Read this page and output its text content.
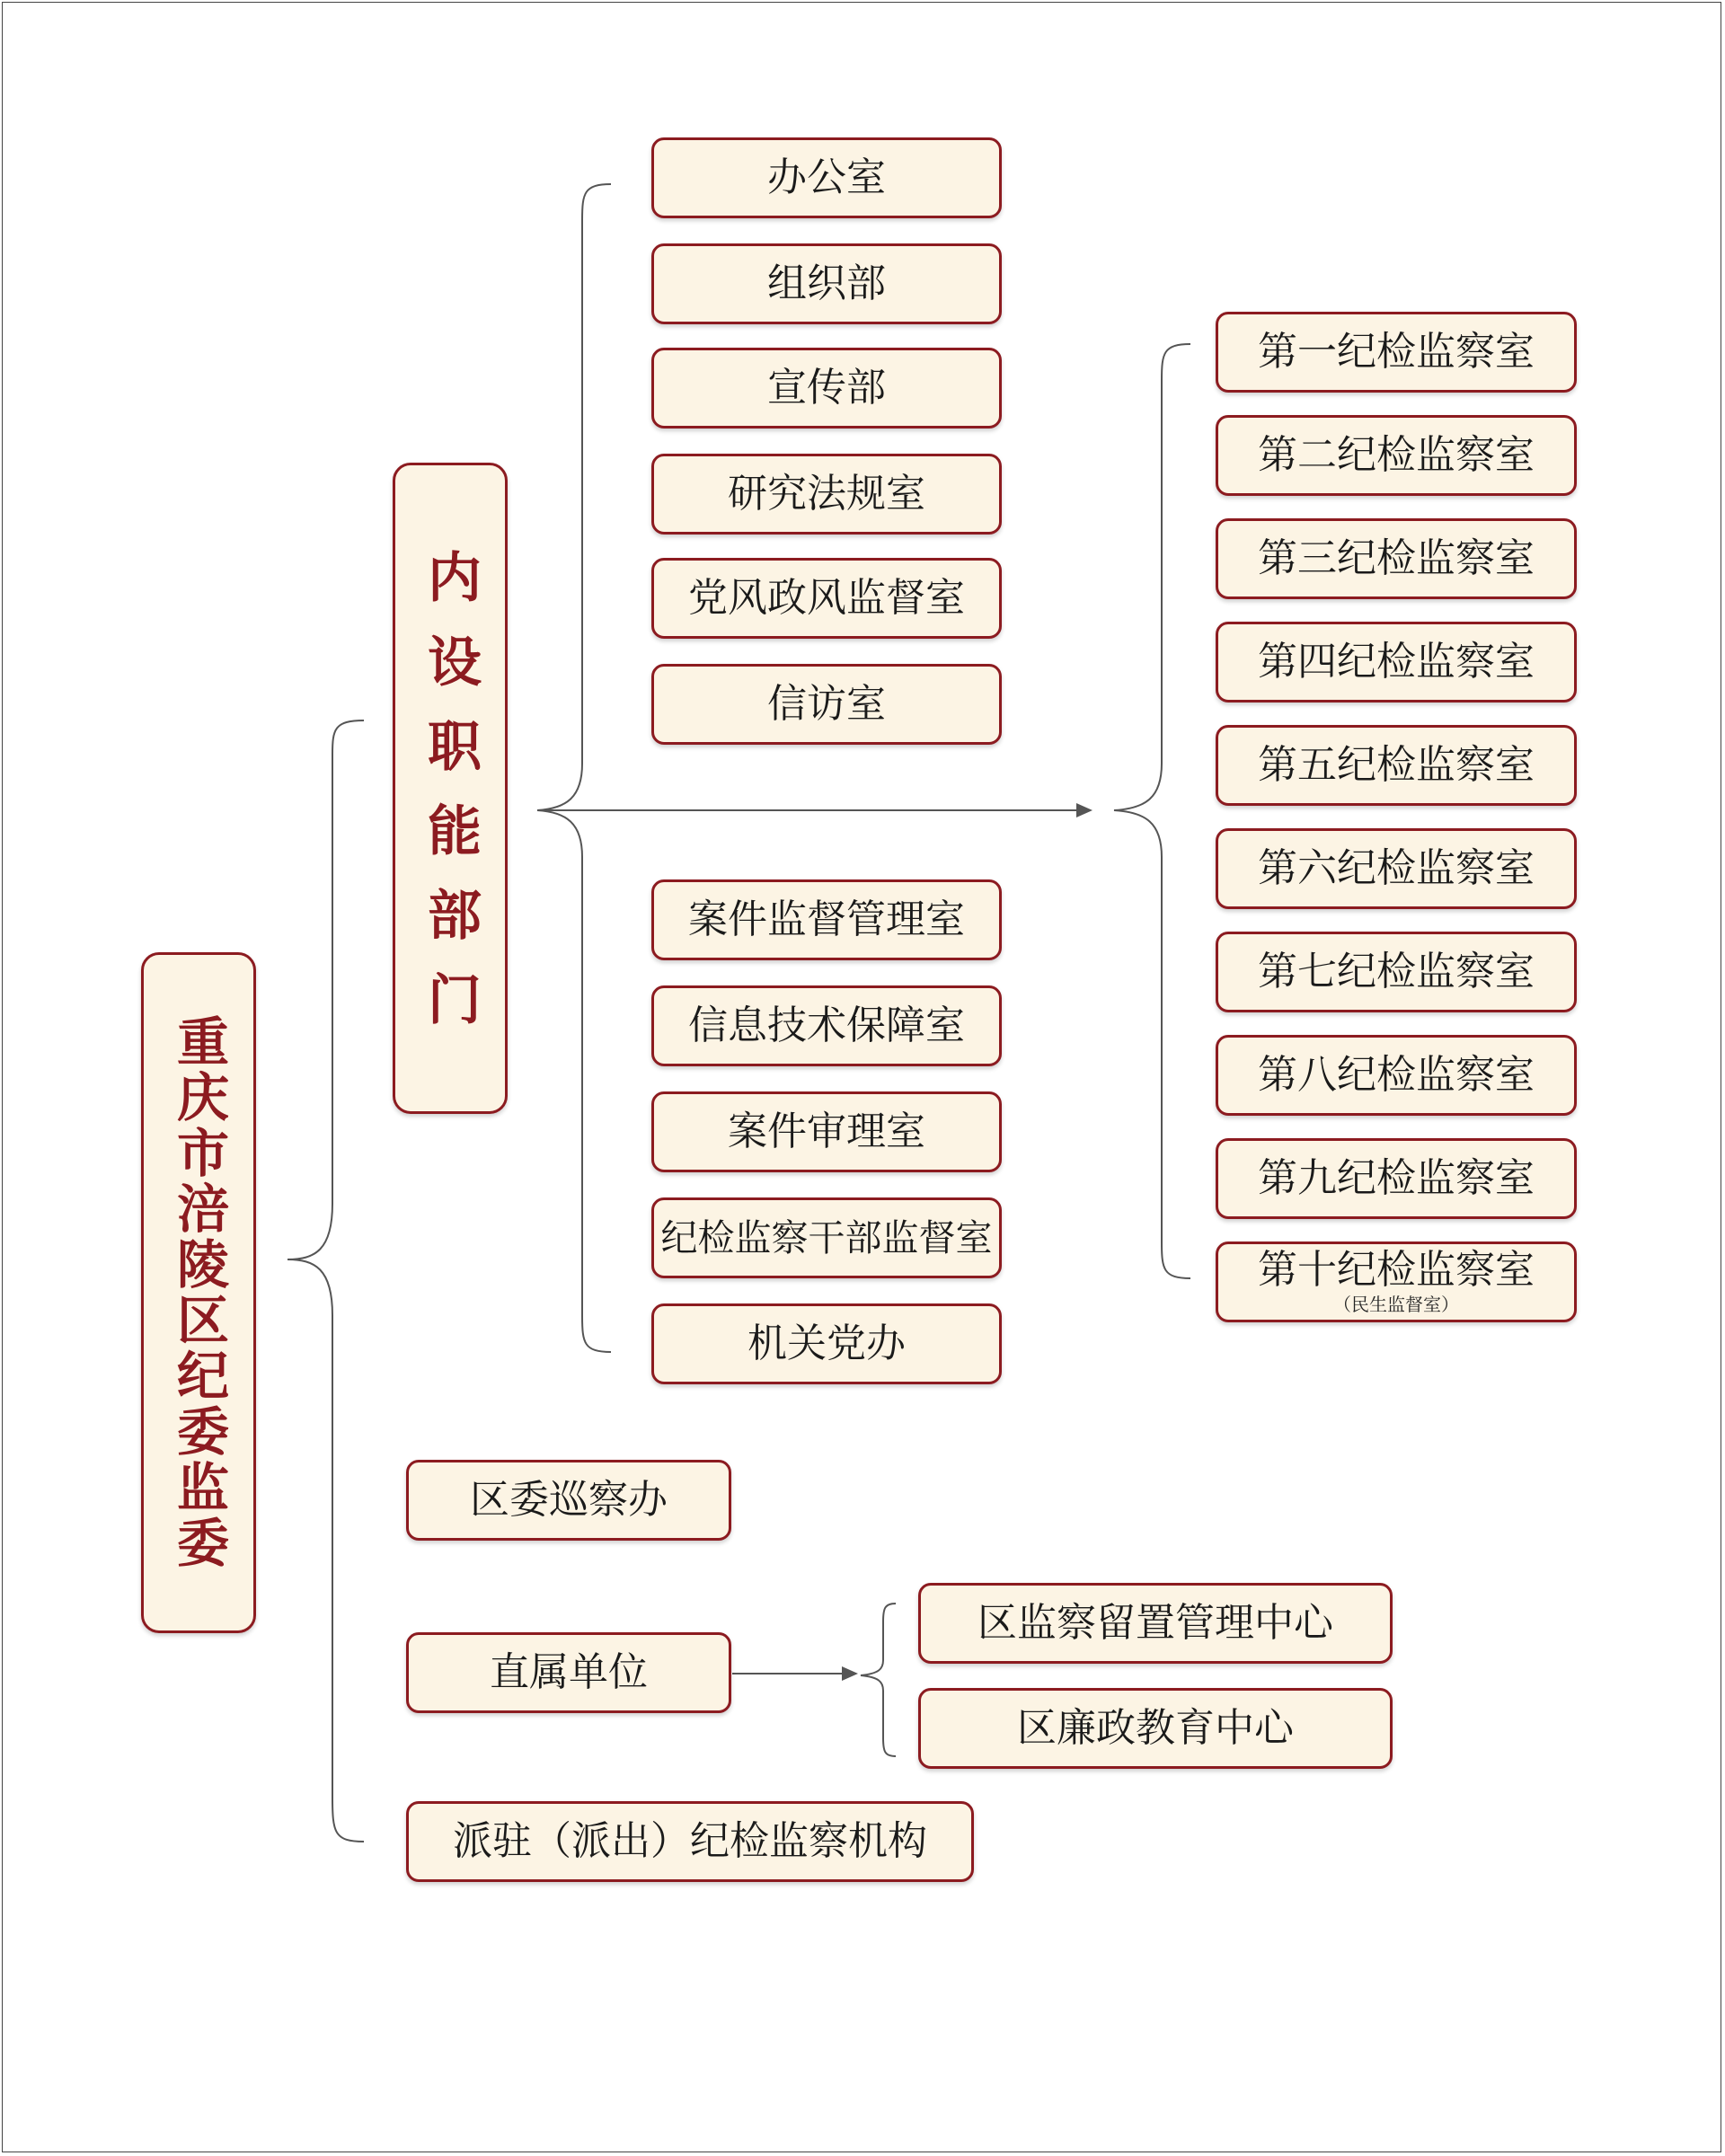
重庆市涪陵区纪委监委
内设职能部门
办公室
组织部
宣传部
研究法规室
党风政风监督室
信访室
案件监督管理室
信息技术保障室
案件审理室
纪检监察干部监督室
机关党办
第一纪检监察室
第二纪检监察室
第三纪检监察室
第四纪检监察室
第五纪检监察室
第六纪检监察室
第七纪检监察室
第八纪检监察室
第九纪检监察室
第十纪检监察室
（民生监督室）
区委巡察办
直属单位
区监察留置管理中心
区廉政教育中心
派驻（派出）纪检监察机构
